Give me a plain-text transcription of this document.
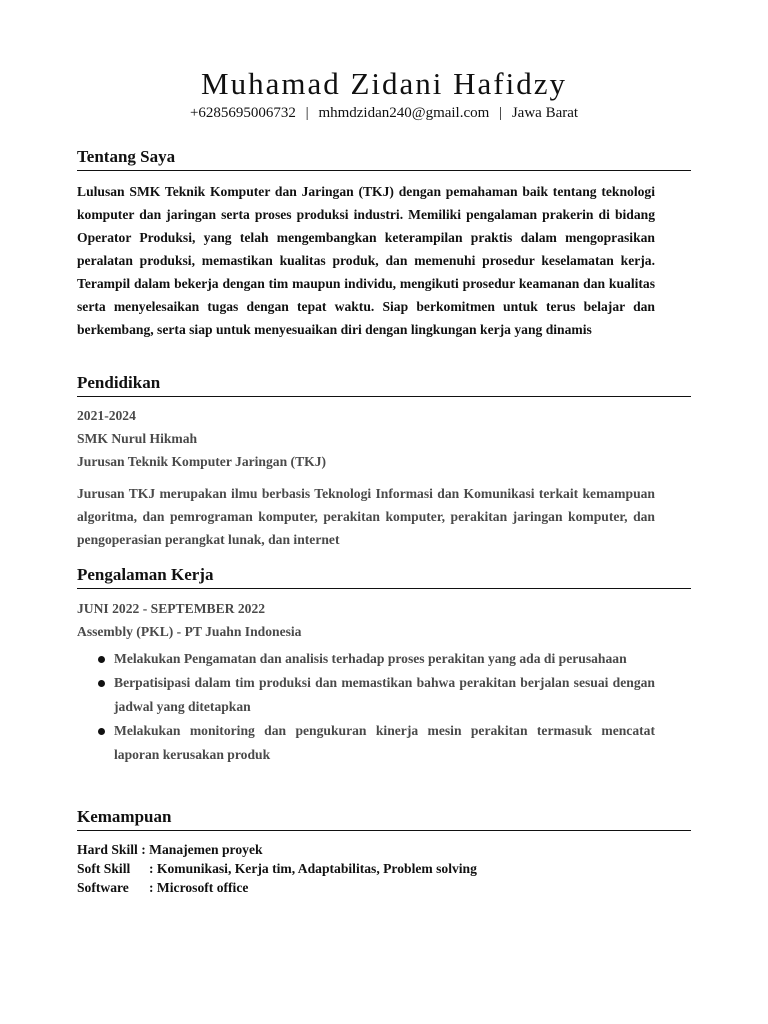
Muhamad Zidani Hafidzy
+6285695006732 | mhmdzidan240@gmail.com | Jawa Barat
Tentang Saya

Lulusan SMK Teknik Komputer dan Jaringan (TKJ) dengan pemahaman baik tentang teknologi komputer dan jaringan serta proses produksi industri. Memiliki pengalaman prakerin di bidang Operator Produksi, yang telah mengembangkan keterampilan praktis dalam mengoprasikan peralatan produksi, memastikan kualitas produk, dan memenuhi prosedur keselamatan kerja. Terampil dalam bekerja dengan tim maupun individu, mengikuti prosedur keamanan dan kualitas serta menyelesaikan tugas dengan tepat waktu. Siap berkomitmen untuk terus belajar dan berkembang, serta siap untuk menyesuaikan diri dengan lingkungan kerja yang dinamis

Pendidikan

2021-2024

SMK Nurul Hikmah

Jurusan Teknik Komputer Jaringan (TKJ)

Jurusan TKJ merupakan ilmu berbasis Teknologi Informasi dan Komunikasi terkait kemampuan algoritma, dan pemrograman komputer, perakitan komputer, perakitan jaringan komputer, dan pengoperasian perangkat lunak, dan internet

Pengalaman Kerja

JUNI 2022 - SEPTEMBER 2022

Assembly (PKL) - PT Juahn Indonesia

Melakukan Pengamatan dan analisis terhadap proses perakitan yang ada di perusahaan
Berpatisipasi dalam tim produksi dan memastikan bahwa perakitan berjalan sesuai dengan jadwal yang ditetapkan
Melakukan monitoring dan pengukuran kinerja mesin perakitan termasuk mencatat laporan kerusakan produk
Kemampuan
Hard Skill : Manajemen proyek
Soft Skill	: Komunikasi, Kerja tim, Adaptabilitas, Problem solving
Software	: Microsoft office
